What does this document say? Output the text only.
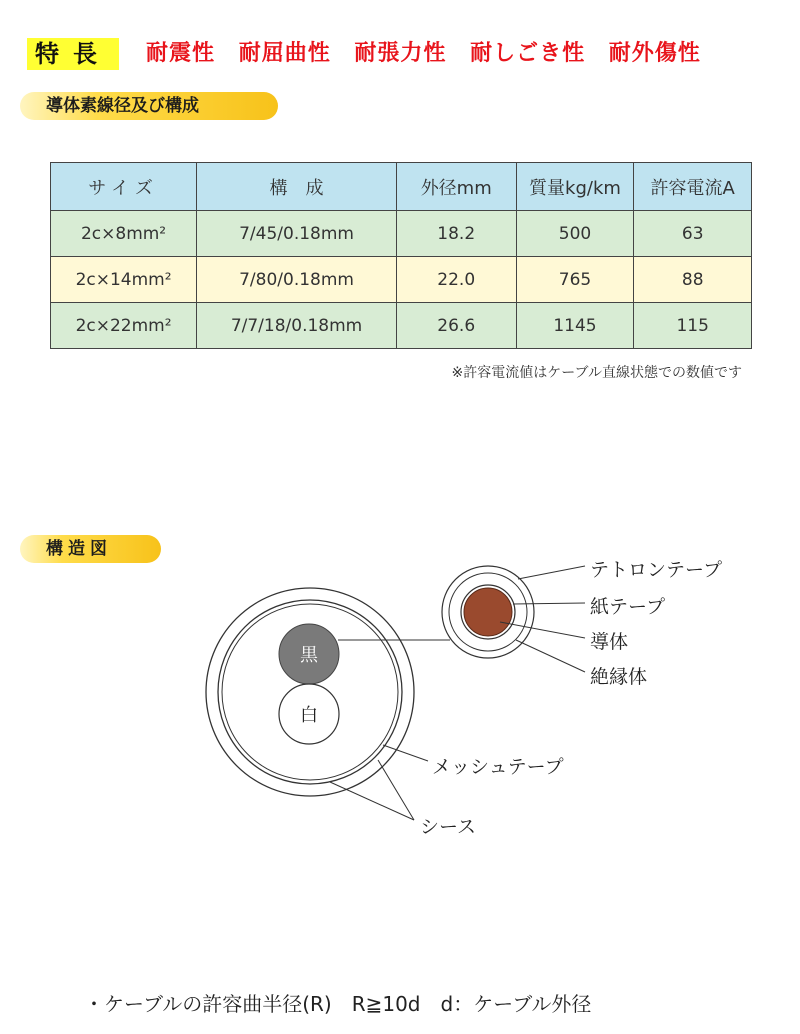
特長	耐震性 耐屈曲性 耐張力性 耐しごき性 耐外傷性
導体素線径及び構成
サイズ	構　成	外径mm	質量kg/km	許容電流A
2c×8mm²	7/45/0.18mm	18.2	500	63
2c×14mm²	7/80/0.18mm	22.0	765	88
2c×22mm²	7/7/18/0.18mm	26.6	1145	115
※許容電流値はケーブル直線状態での数値です
構造図
黒
白
テトロンテープ
紙テープ
導体
絶縁体
メッシュテープ
シース
・ケーブルの許容曲半径(R)　R≧10d　d：ケーブル外径
